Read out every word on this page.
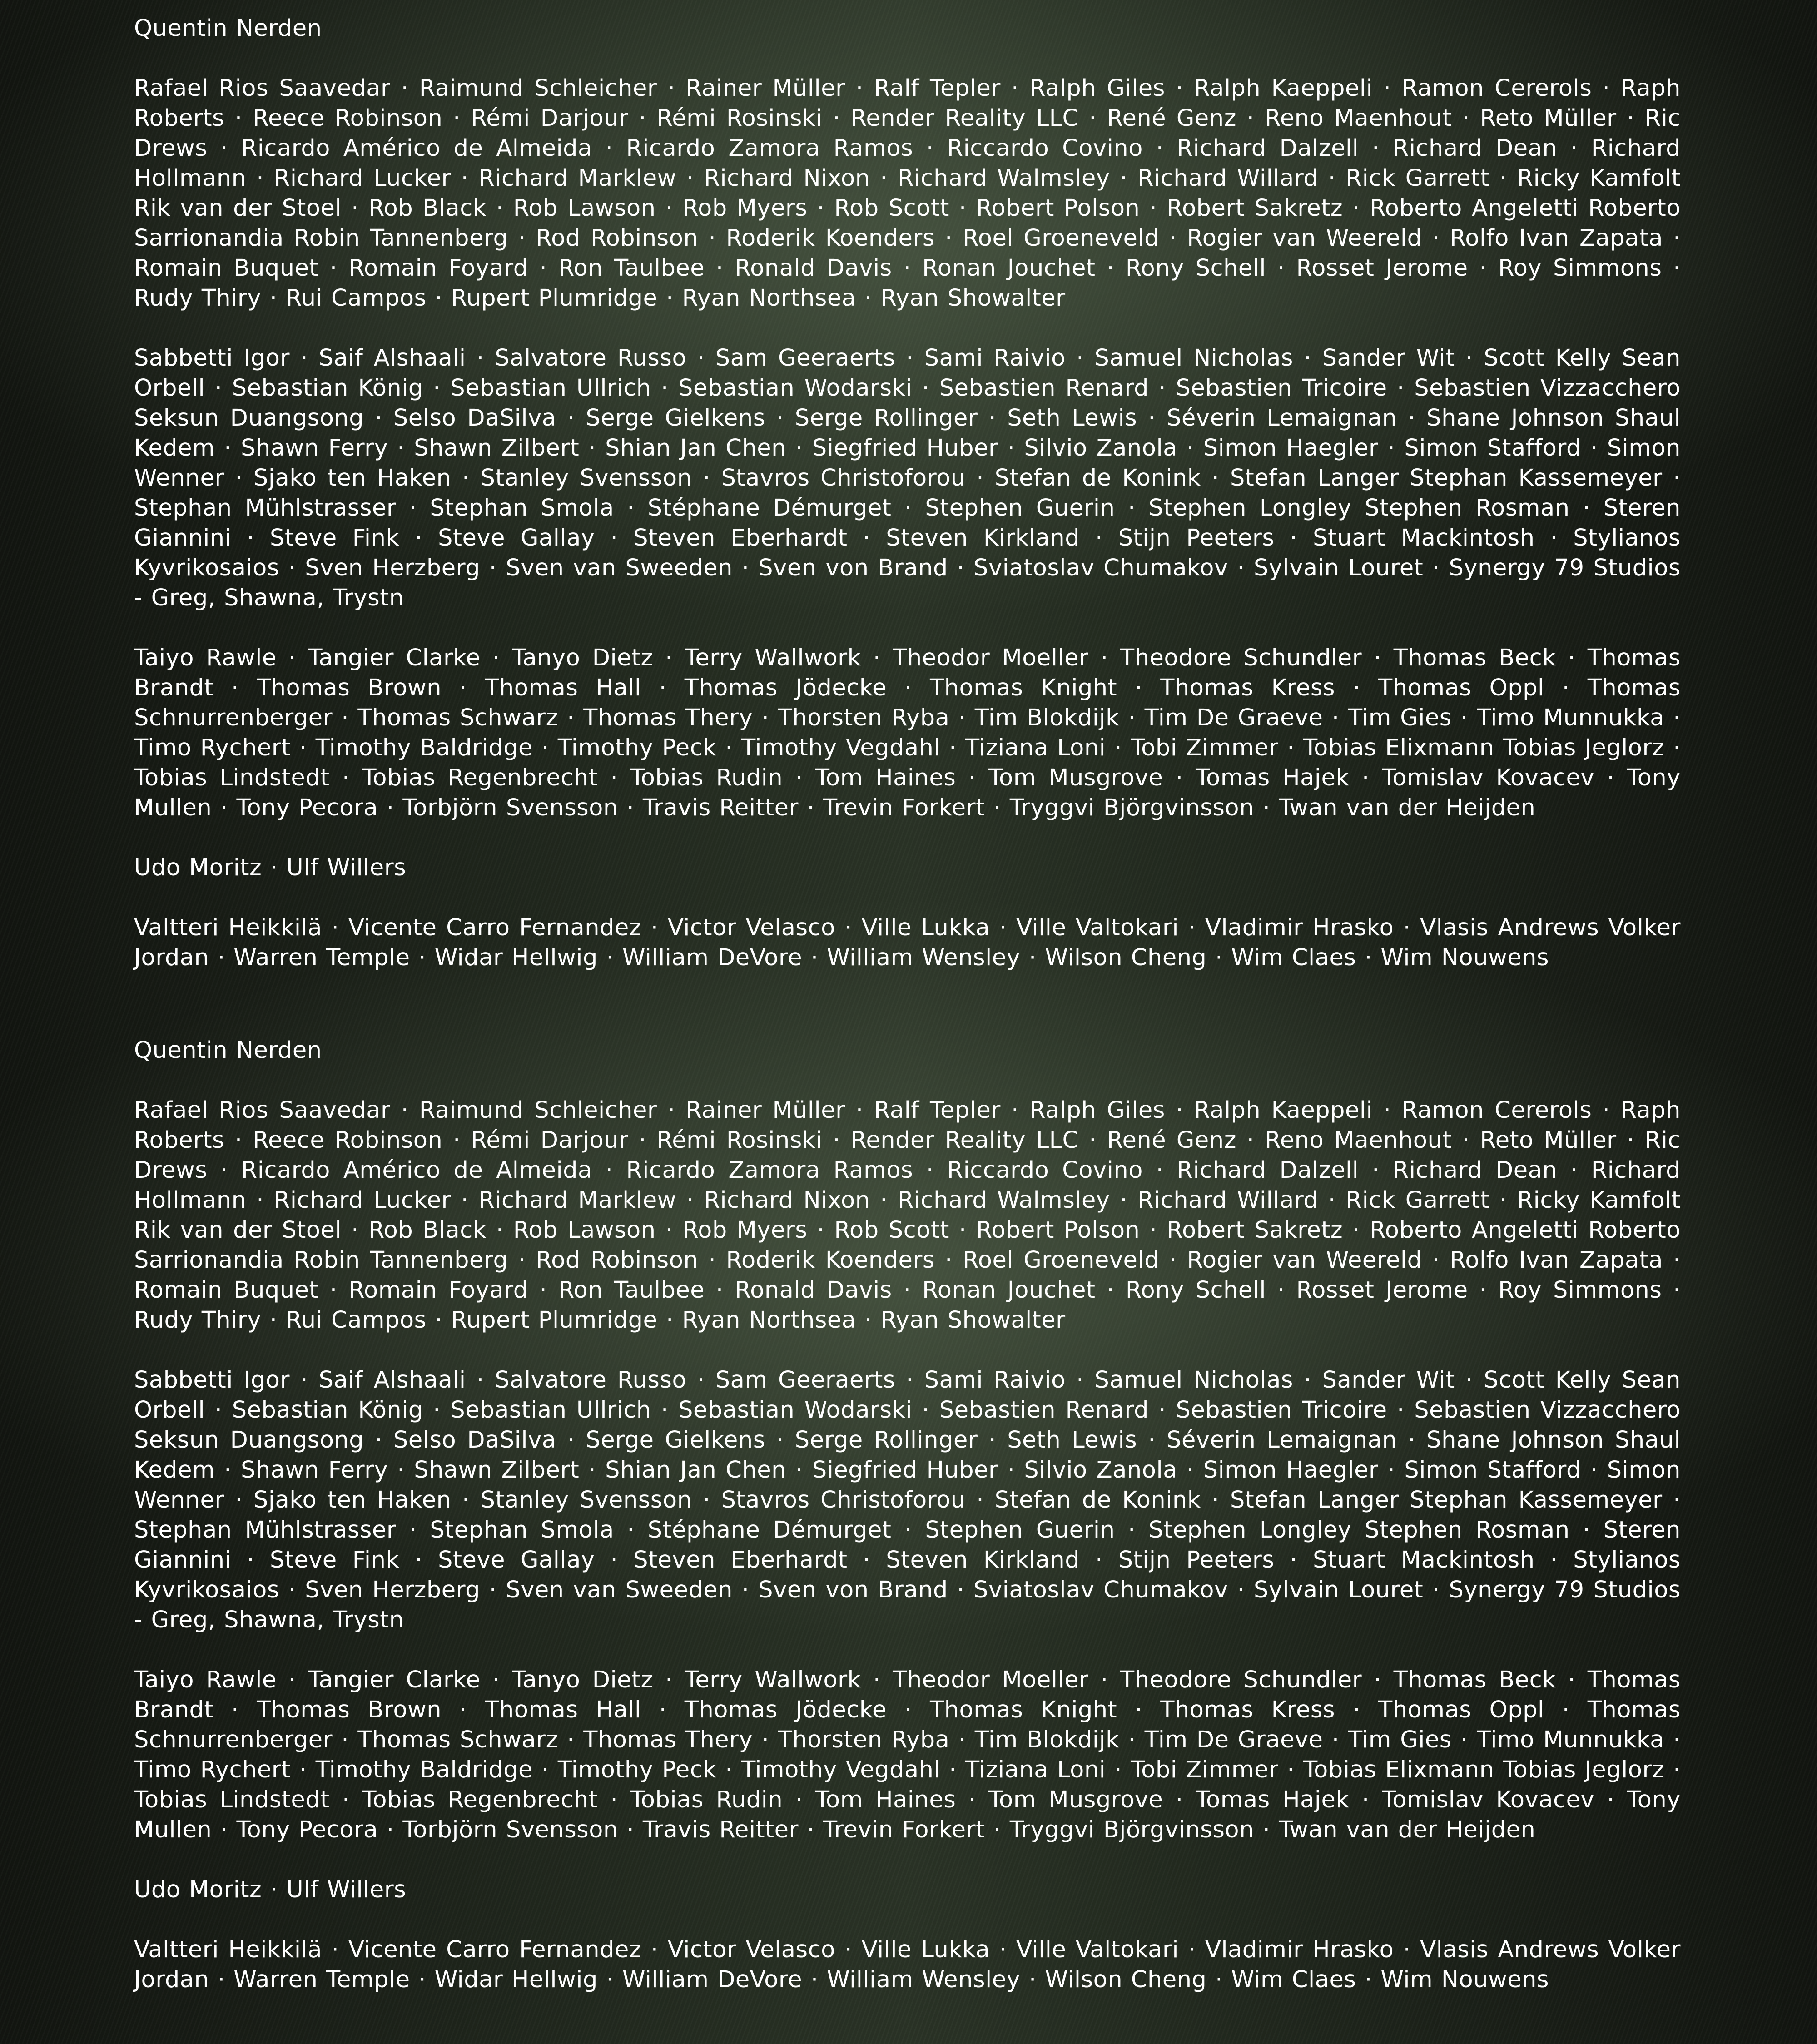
Quentin Nerden

Rafael Rios Saavedar · Raimund Schleicher · Rainer Müller · Ralf Tepler · Ralph Giles · Ralph Kaeppeli · Ramon Cererols · Raph Roberts · Reece Robinson · Rémi Darjour · Rémi Rosinski · Render Reality LLC · René Genz · Reno Maenhout · Reto Müller · Ric Drews · Ricardo Américo de Almeida · Ricardo Zamora Ramos · Riccardo Covino · Richard Dalzell · Richard Dean · Richard Hollmann · Richard Lucker · Richard Marklew · Richard Nixon · Richard Walmsley · Richard Willard · Rick Garrett · Ricky Kamfolt Rik van der Stoel · Rob Black · Rob Lawson · Rob Myers · Rob Scott · Robert Polson · Robert Sakretz · Roberto Angeletti Roberto Sarrionandia Robin Tannenberg · Rod Robinson · Roderik Koenders · Roel Groeneveld · Rogier van Weereld · Rolfo Ivan Zapata · Romain Buquet · Romain Foyard · Ron Taulbee · Ronald Davis · Ronan Jouchet · Rony Schell · Rosset Jerome · Roy Simmons · Rudy Thiry · Rui Campos · Rupert Plumridge · Ryan Northsea · Ryan Showalter

Sabbetti Igor · Saif Alshaali · Salvatore Russo · Sam Geeraerts · Sami Raivio · Samuel Nicholas · Sander Wit · Scott Kelly Sean Orbell · Sebastian König · Sebastian Ullrich · Sebastian Wodarski · Sebastien Renard · Sebastien Tricoire · Sebastien Vizzacchero Seksun Duangsong · Selso DaSilva · Serge Gielkens · Serge Rollinger · Seth Lewis · Séverin Lemaignan · Shane Johnson Shaul Kedem · Shawn Ferry · Shawn Zilbert · Shian Jan Chen · Siegfried Huber · Silvio Zanola · Simon Haegler · Simon Stafford · Simon Wenner · Sjako ten Haken · Stanley Svensson · Stavros Christoforou · Stefan de Konink · Stefan Langer Stephan Kassemeyer · Stephan Mühlstrasser · Stephan Smola · Stéphane Démurget · Stephen Guerin · Stephen Longley Stephen Rosman · Steren Giannini · Steve Fink · Steve Gallay · Steven Eberhardt · Steven Kirkland · Stijn Peeters · Stuart Mackintosh · Stylianos Kyvrikosaios · Sven Herzberg · Sven van Sweeden · Sven von Brand · Sviatoslav Chumakov · Sylvain Louret · Synergy 79 Studios - Greg, Shawna, Trystn

Taiyo Rawle · Tangier Clarke · Tanyo Dietz · Terry Wallwork · Theodor Moeller · Theodore Schundler · Thomas Beck · Thomas Brandt · Thomas Brown · Thomas Hall · Thomas Jödecke · Thomas Knight · Thomas Kress · Thomas Oppl · Thomas Schnurrenberger · Thomas Schwarz · Thomas Thery · Thorsten Ryba · Tim Blokdijk · Tim De Graeve · Tim Gies · Timo Munnukka · Timo Rychert · Timothy Baldridge · Timothy Peck · Timothy Vegdahl · Tiziana Loni · Tobi Zimmer · Tobias Elixmann Tobias Jeglorz · Tobias Lindstedt · Tobias Regenbrecht · Tobias Rudin · Tom Haines · Tom Musgrove · Tomas Hajek · Tomislav Kovacev · Tony Mullen · Tony Pecora · Torbjörn Svensson · Travis Reitter · Trevin Forkert · Tryggvi Björgvinsson · Twan van der Heijden

Udo Moritz · Ulf Willers

Valtteri Heikkilä · Vicente Carro Fernandez · Victor Velasco · Ville Lukka · Ville Valtokari · Vladimir Hrasko · Vlasis Andrews Volker Jordan · Warren Temple · Widar Hellwig · William DeVore · William Wensley · Wilson Cheng · Wim Claes · Wim Nouwens

Quentin Nerden

Rafael Rios Saavedar · Raimund Schleicher · Rainer Müller · Ralf Tepler · Ralph Giles · Ralph Kaeppeli · Ramon Cererols · Raph Roberts · Reece Robinson · Rémi Darjour · Rémi Rosinski · Render Reality LLC · René Genz · Reno Maenhout · Reto Müller · Ric Drews · Ricardo Américo de Almeida · Ricardo Zamora Ramos · Riccardo Covino · Richard Dalzell · Richard Dean · Richard Hollmann · Richard Lucker · Richard Marklew · Richard Nixon · Richard Walmsley · Richard Willard · Rick Garrett · Ricky Kamfolt Rik van der Stoel · Rob Black · Rob Lawson · Rob Myers · Rob Scott · Robert Polson · Robert Sakretz · Roberto Angeletti Roberto Sarrionandia Robin Tannenberg · Rod Robinson · Roderik Koenders · Roel Groeneveld · Rogier van Weereld · Rolfo Ivan Zapata · Romain Buquet · Romain Foyard · Ron Taulbee · Ronald Davis · Ronan Jouchet · Rony Schell · Rosset Jerome · Roy Simmons · Rudy Thiry · Rui Campos · Rupert Plumridge · Ryan Northsea · Ryan Showalter

Sabbetti Igor · Saif Alshaali · Salvatore Russo · Sam Geeraerts · Sami Raivio · Samuel Nicholas · Sander Wit · Scott Kelly Sean Orbell · Sebastian König · Sebastian Ullrich · Sebastian Wodarski · Sebastien Renard · Sebastien Tricoire · Sebastien Vizzacchero Seksun Duangsong · Selso DaSilva · Serge Gielkens · Serge Rollinger · Seth Lewis · Séverin Lemaignan · Shane Johnson Shaul Kedem · Shawn Ferry · Shawn Zilbert · Shian Jan Chen · Siegfried Huber · Silvio Zanola · Simon Haegler · Simon Stafford · Simon Wenner · Sjako ten Haken · Stanley Svensson · Stavros Christoforou · Stefan de Konink · Stefan Langer Stephan Kassemeyer · Stephan Mühlstrasser · Stephan Smola · Stéphane Démurget · Stephen Guerin · Stephen Longley Stephen Rosman · Steren Giannini · Steve Fink · Steve Gallay · Steven Eberhardt · Steven Kirkland · Stijn Peeters · Stuart Mackintosh · Stylianos Kyvrikosaios · Sven Herzberg · Sven van Sweeden · Sven von Brand · Sviatoslav Chumakov · Sylvain Louret · Synergy 79 Studios - Greg, Shawna, Trystn

Taiyo Rawle · Tangier Clarke · Tanyo Dietz · Terry Wallwork · Theodor Moeller · Theodore Schundler · Thomas Beck · Thomas Brandt · Thomas Brown · Thomas Hall · Thomas Jödecke · Thomas Knight · Thomas Kress · Thomas Oppl · Thomas Schnurrenberger · Thomas Schwarz · Thomas Thery · Thorsten Ryba · Tim Blokdijk · Tim De Graeve · Tim Gies · Timo Munnukka · Timo Rychert · Timothy Baldridge · Timothy Peck · Timothy Vegdahl · Tiziana Loni · Tobi Zimmer · Tobias Elixmann Tobias Jeglorz · Tobias Lindstedt · Tobias Regenbrecht · Tobias Rudin · Tom Haines · Tom Musgrove · Tomas Hajek · Tomislav Kovacev · Tony Mullen · Tony Pecora · Torbjörn Svensson · Travis Reitter · Trevin Forkert · Tryggvi Björgvinsson · Twan van der Heijden

Udo Moritz · Ulf Willers

Valtteri Heikkilä · Vicente Carro Fernandez · Victor Velasco · Ville Lukka · Ville Valtokari · Vladimir Hrasko · Vlasis Andrews Volker Jordan · Warren Temple · Widar Hellwig · William DeVore · William Wensley · Wilson Cheng · Wim Claes · Wim Nouwens
